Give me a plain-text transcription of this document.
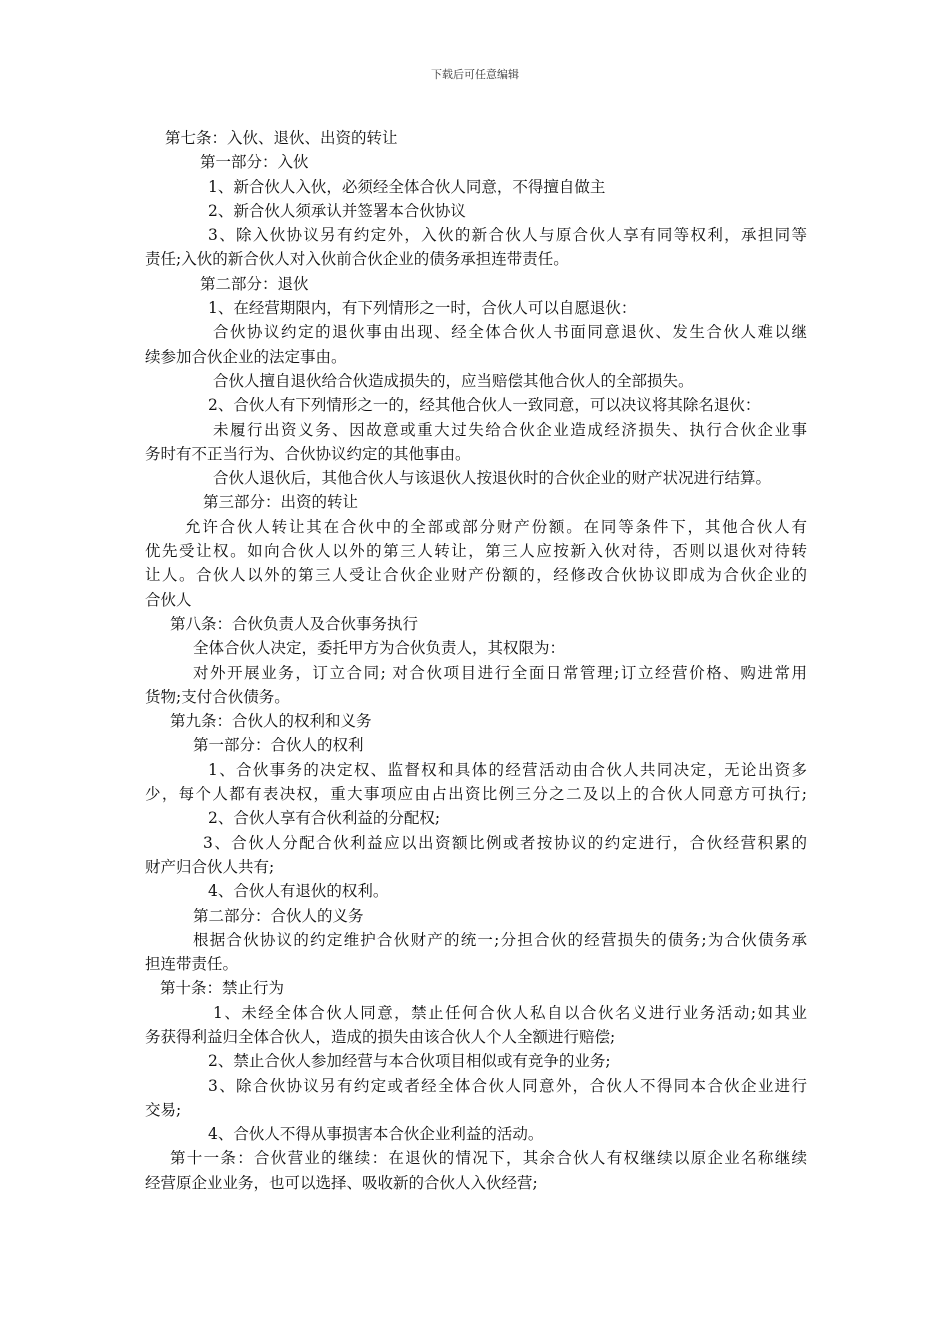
下载后可任意编辑
第七条：入伙、退伙、出资的转让
第一部分：入伙
1、新合伙人入伙，必须经全体合伙人同意，不得擅自做主
2、新合伙人须承认并签署本合伙协议
3、除入伙协议另有约定外，入伙的新合伙人与原合伙人享有同等权利，承担同等
责任;入伙的新合伙人对入伙前合伙企业的债务承担连带责任。
第二部分：退伙
1、在经营期限内，有下列情形之一时，合伙人可以自愿退伙：
合伙协议约定的退伙事由出现、经全体合伙人书面同意退伙、发生合伙人难以继
续参加合伙企业的法定事由。
合伙人擅自退伙给合伙造成损失的，应当赔偿其他合伙人的全部损失。
2、合伙人有下列情形之一的，经其他合伙人一致同意，可以决议将其除名退伙：
未履行出资义务、因故意或重大过失给合伙企业造成经济损失、执行合伙企业事
务时有不正当行为、合伙协议约定的其他事由。
合伙人退伙后，其他合伙人与该退伙人按退伙时的合伙企业的财产状况进行结算。
第三部分：出资的转让
允许合伙人转让其在合伙中的全部或部分财产份额。在同等条件下，其他合伙人有
优先受让权。如向合伙人以外的第三人转让，第三人应按新入伙对待，否则以退伙对待转
让人。合伙人以外的第三人受让合伙企业财产份额的，经修改合伙协议即成为合伙企业的
合伙人
第八条：合伙负责人及合伙事务执行
全体合伙人决定，委托甲方为合伙负责人，其权限为：
对外开展业务，订立合同; 对合伙项目进行全面日常管理;订立经营价格、购进常用
货物;支付合伙债务。
第九条：合伙人的权利和义务
第一部分：合伙人的权利
1、合伙事务的决定权、监督权和具体的经营活动由合伙人共同决定，无论出资多
少，每个人都有表决权，重大事项应由占出资比例三分之二及以上的合伙人同意方可执行;
2、合伙人享有合伙利益的分配权;
3、合伙人分配合伙利益应以出资额比例或者按协议的约定进行，合伙经营积累的
财产归合伙人共有;
4、合伙人有退伙的权利。
第二部分：合伙人的义务
根据合伙协议的约定维护合伙财产的统一;分担合伙的经营损失的债务;为合伙债务承
担连带责任。
第十条：禁止行为
1、未经全体合伙人同意，禁止任何合伙人私自以合伙名义进行业务活动;如其业
务获得利益归全体合伙人，造成的损失由该合伙人个人全额进行赔偿;
2、禁止合伙人参加经营与本合伙项目相似或有竞争的业务;
3、除合伙协议另有约定或者经全体合伙人同意外，合伙人不得同本合伙企业进行
交易;
4、合伙人不得从事损害本合伙企业利益的活动。
第十一条：合伙营业的继续：在退伙的情况下，其余合伙人有权继续以原企业名称继续
经营原企业业务，也可以选择、吸收新的合伙人入伙经营;
